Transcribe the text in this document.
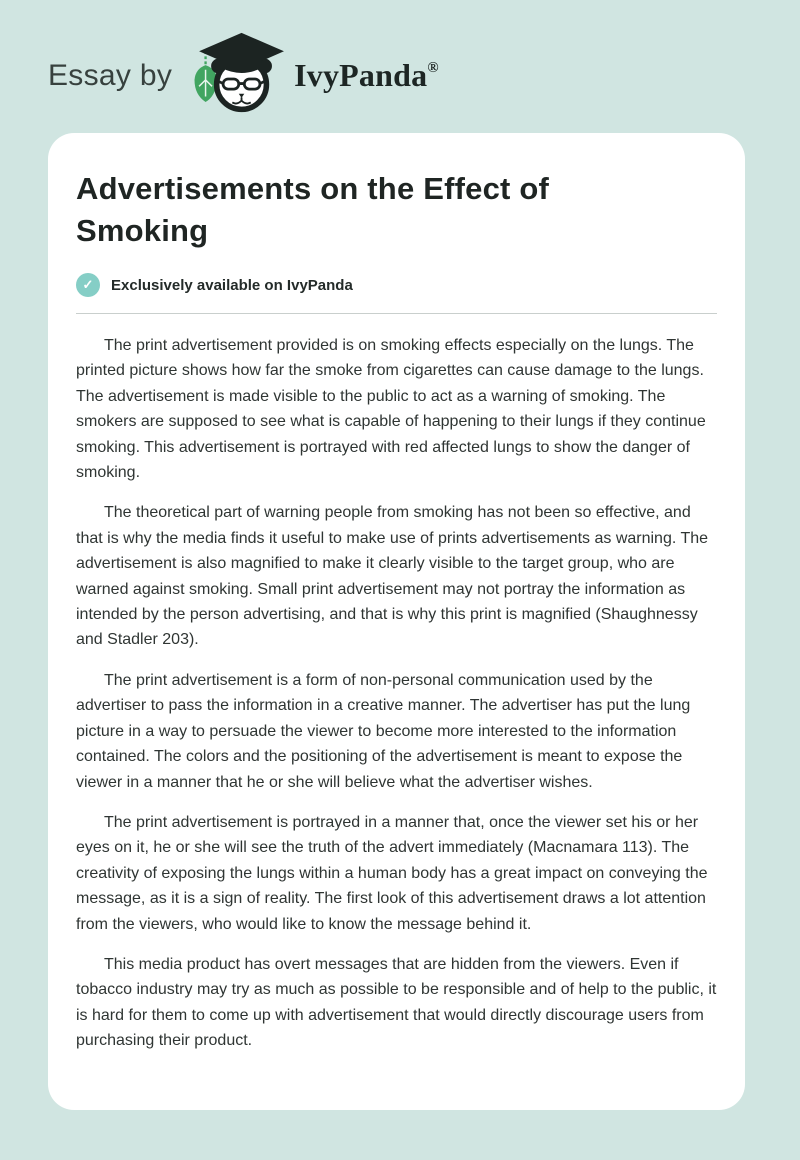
Essay by	IvyPanda®
Advertisements on the Effect of Smoking
✓	Exclusively available on IvyPanda

The print advertisement provided is on smoking effects especially on the lungs. The printed picture shows how far the smoke from cigarettes can cause damage to the lungs. The advertisement is made visible to the public to act as a warning of smoking. The smokers are supposed to see what is capable of happening to their lungs if they continue smoking. This advertisement is portrayed with red affected lungs to show the danger of smoking.

The theoretical part of warning people from smoking has not been so effective, and that is why the media finds it useful to make use of prints advertisements as warning. The advertisement is also magnified to make it clearly visible to the target group, who are warned against smoking. Small print advertisement may not portray the information as intended by the person advertising, and that is why this print is magnified (Shaughnessy and Stadler 203).

The print advertisement is a form of non-personal communication used by the advertiser to pass the information in a creative manner. The advertiser has put the lung picture in a way to persuade the viewer to become more interested to the information contained. The colors and the positioning of the advertisement is meant to expose the viewer in a manner that he or she will believe what the advertiser wishes.

The print advertisement is portrayed in a manner that, once the viewer set his or her eyes on it, he or she will see the truth of the advert immediately (Macnamara 113). The creativity of exposing the lungs within a human body has a great impact on conveying the message, as it is a sign of reality. The first look of this advertisement draws a lot attention from the viewers, who would like to know the message behind it.

This media product has overt messages that are hidden from the viewers. Even if tobacco industry may try as much as possible to be responsible and of help to the public, it is hard for them to come up with advertisement that would directly discourage users from purchasing their product.
